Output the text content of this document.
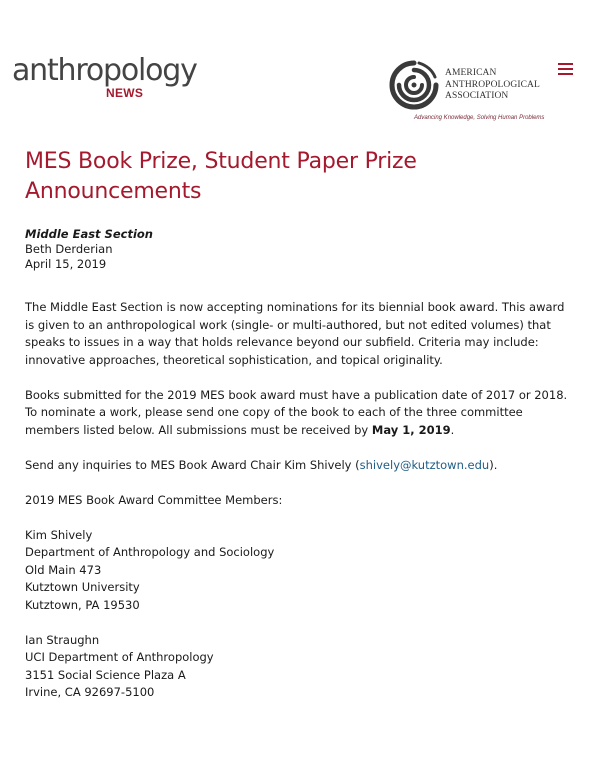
anthropology
NEWS
AMERICAN
ANTHROPOLOGICAL
ASSOCIATION
Advancing Knowledge, Solving Human Problems
MES Book Prize, Student Paper Prize Announcements
Middle East Section
Beth Derderian
April 15, 2019

The Middle East Section is now accepting nominations for its biennial book award. This award is given to an anthropological work (single- or multi-authored, but not edited volumes) that speaks to issues in a way that holds relevance beyond our subfield. Criteria may include: innovative approaches, theoretical sophistication, and topical originality.

Books submitted for the 2019 MES book award must have a publication date of 2017 or 2018. To nominate a work, please send one copy of the book to each of the three committee members listed below. All submissions must be received by May 1, 2019.

Send any inquiries to MES Book Award Chair Kim Shively (shively@kutztown.edu).

2019 MES Book Award Committee Members:

Kim Shively
Department of Anthropology and Sociology
Old Main 473
Kutztown University
Kutztown, PA 19530
Ian Straughn
UCI Department of Anthropology
3151 Social Science Plaza A
Irvine, CA 92697-5100
